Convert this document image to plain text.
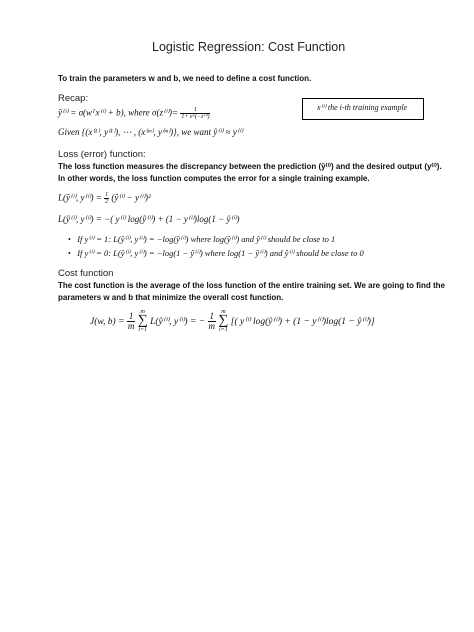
Logistic Regression: Cost Function
To train the parameters w and b, we need to define a cost function.
Recap:
ŷ⁽ⁱ⁾ = σ(wᵀx⁽ⁱ⁾ + b), where $\sigma(z^{(i)})= \frac{1}{\text{1+ e\textasciicircum{}(−z⁽ⁱ⁾)}}$	x⁽ⁱ⁾ the i-th training example
Given {(x⁽¹⁾, y⁽¹⁾), ⋯ , (x⁽ᵐ⁾, y⁽ᵐ⁾)}, we want ŷ⁽ⁱ⁾ ≈ y⁽ⁱ⁾
Loss (error) function:
The loss function measures the discrepancy between the prediction (ŷ⁽ⁱ⁾) and the desired output (y⁽ⁱ⁾).
In other words, the loss function computes the error for a single training example.
L(ŷ⁽ⁱ⁾, $y^{(i)}) = \frac{1}{2}$ (ŷ⁽ⁱ⁾ − y⁽ⁱ⁾)²
L(ŷ⁽ⁱ⁾, y⁽ⁱ⁾) = −( y⁽ⁱ⁾ log(ŷ⁽ⁱ⁾) + (1 − y⁽ⁱ⁾)log(1 − ŷ⁽ⁱ⁾)
• If y⁽ⁱ⁾ = 1: L(ŷ⁽ⁱ⁾, y⁽ⁱ⁾) = −log(ŷ⁽ⁱ⁾) where log(ŷ⁽ⁱ⁾) and ŷ⁽ⁱ⁾ should be close to 1
• If y⁽ⁱ⁾ = 0: L(ŷ⁽ⁱ⁾, y⁽ⁱ⁾) = −log(1 − ŷ⁽ⁱ⁾) where log(1 − ŷ⁽ⁱ⁾) and ŷ⁽ⁱ⁾ should be close to 0
Cost function
The cost function is the average of the loss function of the entire training set. We are going to find the
parameters w and b that minimize the overall cost function.
J(w, $b) = \frac{1}{m}$

m
∑
i=1
L(ŷ⁽ⁱ⁾, y⁽ⁱ⁾) = − $\frac{1}{m}$

m
∑
i=1
[( y⁽ⁱ⁾ log(ŷ⁽ⁱ⁾) + (1 − y⁽ⁱ⁾)log(1 − ŷ⁽ⁱ⁾)]
